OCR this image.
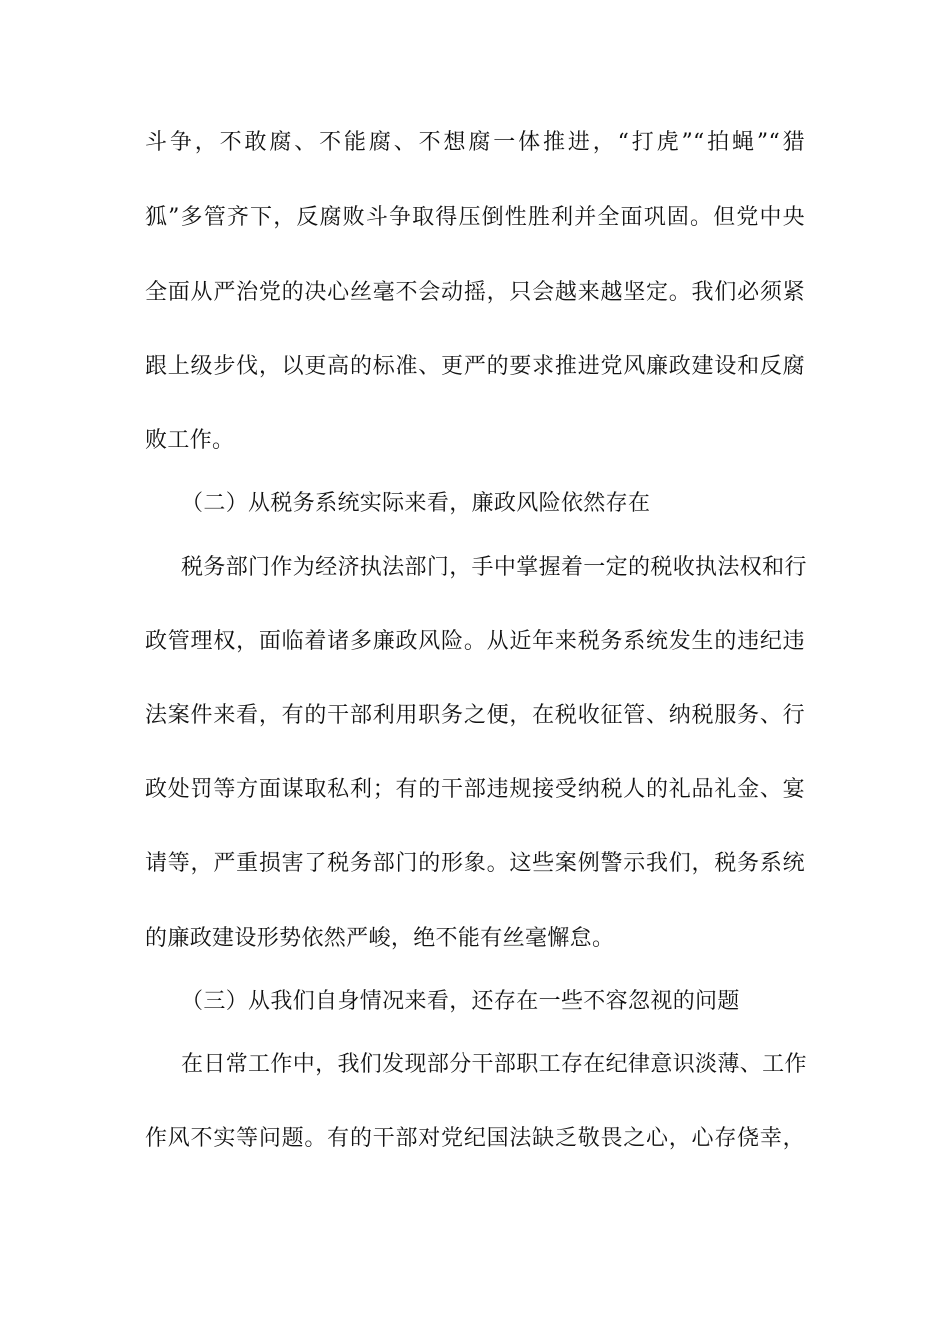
斗争，不敢腐、不能腐、不想腐一体推进，“打虎”“拍蝇”“猎
狐”多管齐下，反腐败斗争取得压倒性胜利并全面巩固。但党中央
全面从严治党的决心丝毫不会动摇，只会越来越坚定。我们必须紧
跟上级步伐，以更高的标准、更严的要求推进党风廉政建设和反腐
败工作。
（二）从税务系统实际来看，廉政风险依然存在
税务部门作为经济执法部门，手中掌握着一定的税收执法权和行
政管理权，面临着诸多廉政风险。从近年来税务系统发生的违纪违
法案件来看，有的干部利用职务之便，在税收征管、纳税服务、行
政处罚等方面谋取私利；有的干部违规接受纳税人的礼品礼金、宴
请等，严重损害了税务部门的形象。这些案例警示我们，税务系统
的廉政建设形势依然严峻，绝不能有丝毫懈怠。
（三）从我们自身情况来看，还存在一些不容忽视的问题
在日常工作中，我们发现部分干部职工存在纪律意识淡薄、工作
作风不实等问题。有的干部对党纪国法缺乏敬畏之心，心存侥幸，
